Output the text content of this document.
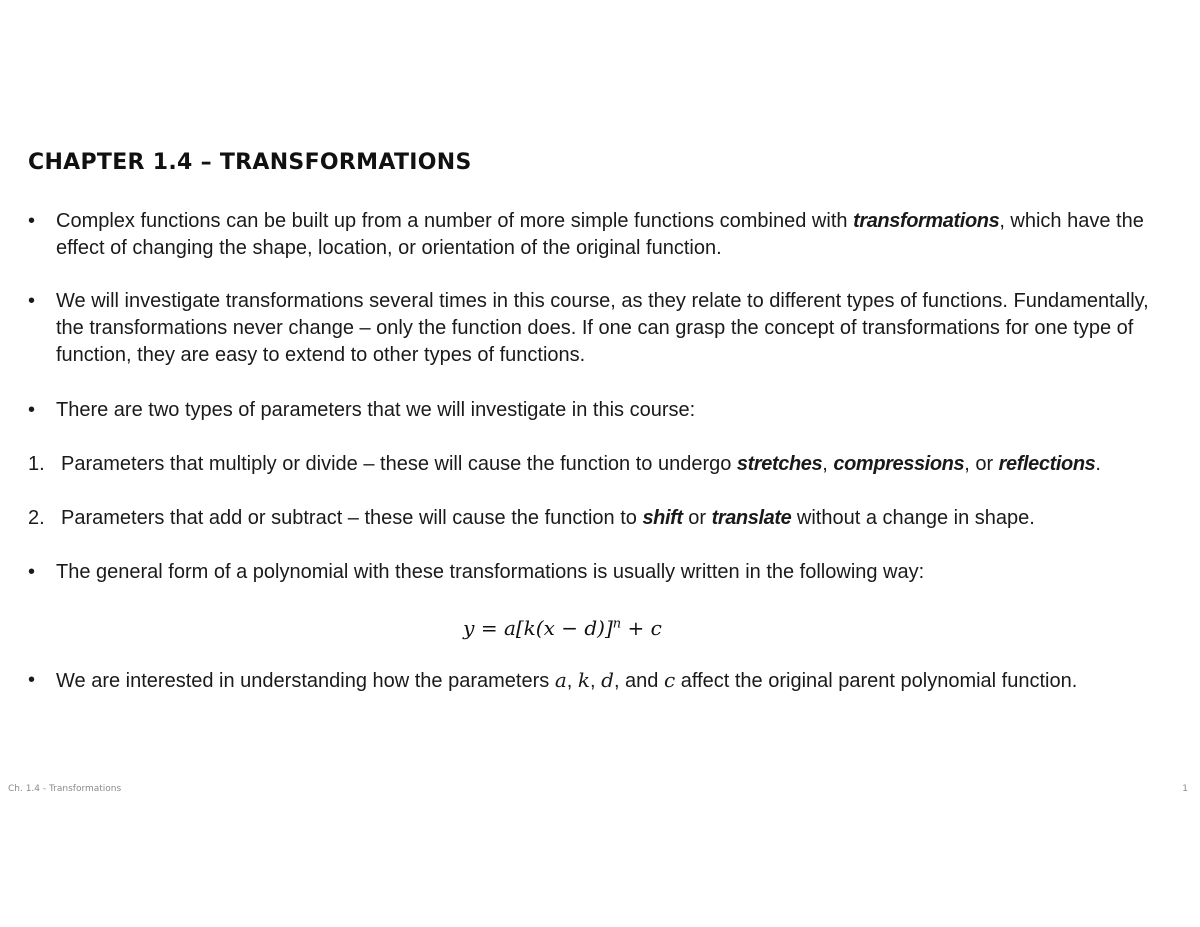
CHAPTER 1.4 – TRANSFORMATIONS
•	Complex functions can be built up from a number of more simple functions combined with transformations, which have the effect of changing the shape, location, or orientation of the original function.
•	We will investigate transformations several times in this course, as they relate to different types of functions. Fundamentally, the transformations never change – only the function does. If one can grasp the concept of transformations for one type of function, they are easy to extend to other types of functions.
•	There are two types of parameters that we will investigate in this course:
1. Parameters that multiply or divide – these will cause the function to undergo stretches, compressions, or reflections.
2. Parameters that add or subtract – these will cause the function to shift or translate without a change in shape.
•	The general form of a polynomial with these transformations is usually written in the following way:
$y = a[k(x - d)]^n + c$
•	We are interested in understanding how the parameters a, k, d, and c affect the original parent polynomial function.
Ch. 1.4 - Transformations	1
